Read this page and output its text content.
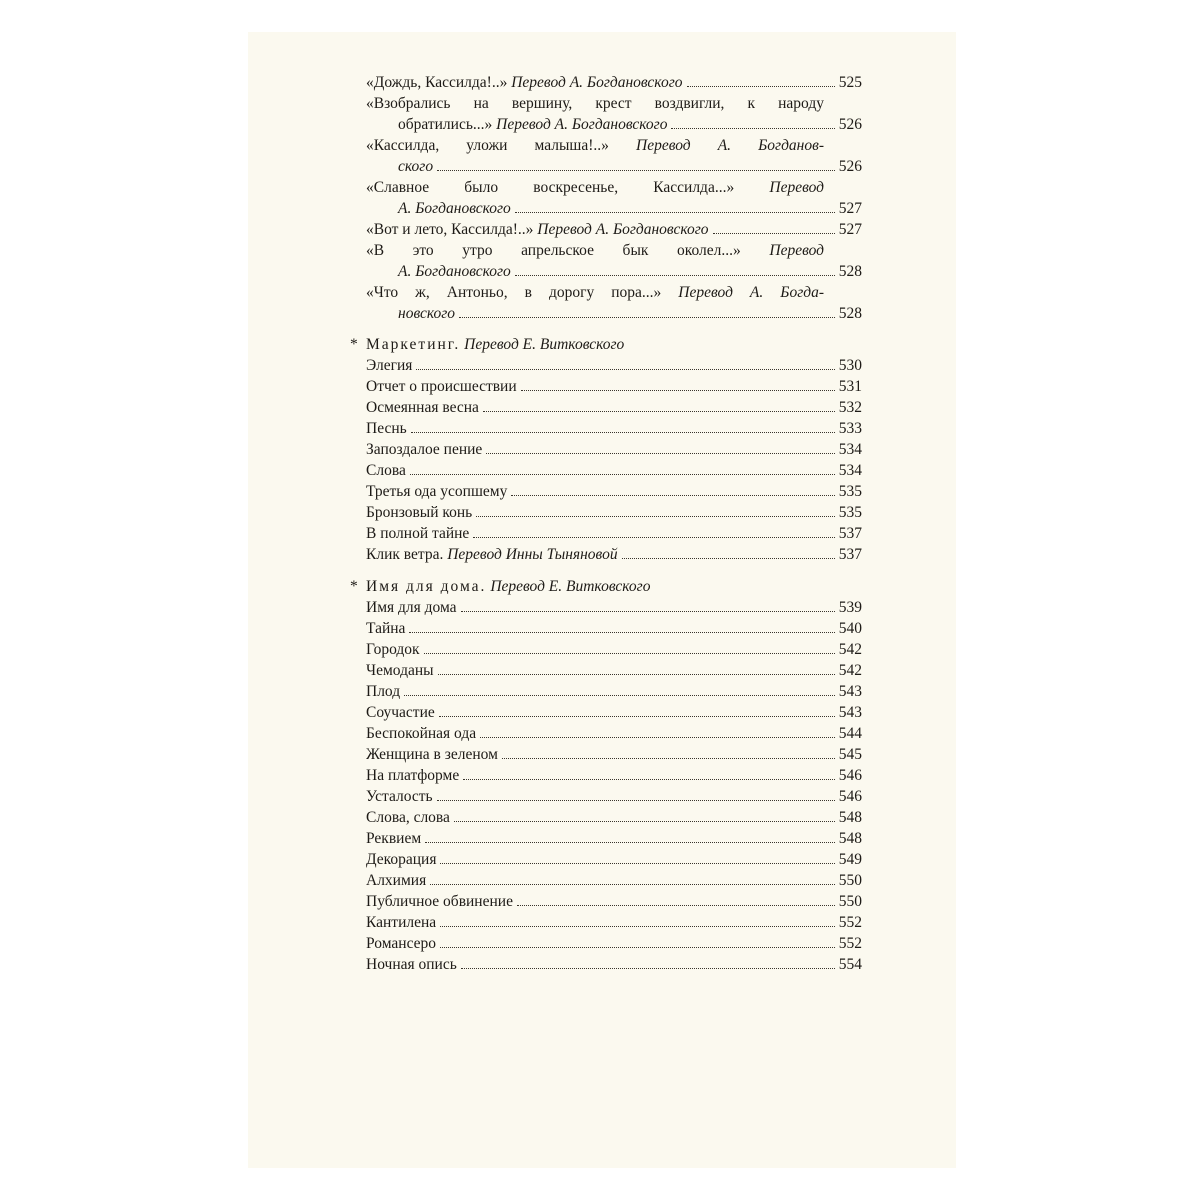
«Дождь, Кассилда!..» Перевод А. Богдановского	525
«Взобрались на вершину, крест воздвигли, к народу
обратились...» Перевод А. Богдановского	526
«Кассилда, уложи малыша!..» Перевод А. Богданов-
ского	526
«Славное было воскресенье, Кассилда...» Перевод
А. Богдановского	527
«Вот и лето, Кассилда!..» Перевод А. Богдановского	527
«В это утро апрельское бык околел...» Перевод
А. Богдановского	528
«Что ж, Антоньо, в дорогу пора...» Перевод А. Богда-
новского	528
* Маркетинг.
Перевод Е. Витковского
Элегия	530
Отчет о происшествии	531
Осмеянная весна	532
Песнь	533
Запоздалое пение	534
Слова	534
Третья ода усопшему	535
Бронзовый конь	535
В полной тайне	537
Клик ветра. Перевод Инны Тыняновой	537
* Имя для дома.
Перевод Е. Витковского
Имя для дома	539
Тайна	540
Городок	542
Чемоданы	542
Плод	543
Соучастие	543
Беспокойная ода	544
Женщина в зеленом	545
На платформе	546
Усталость	546
Слова, слова	548
Реквием	548
Декорация	549
Алхимия	550
Публичное обвинение	550
Кантилена	552
Романсеро	552
Ночная опись	554
